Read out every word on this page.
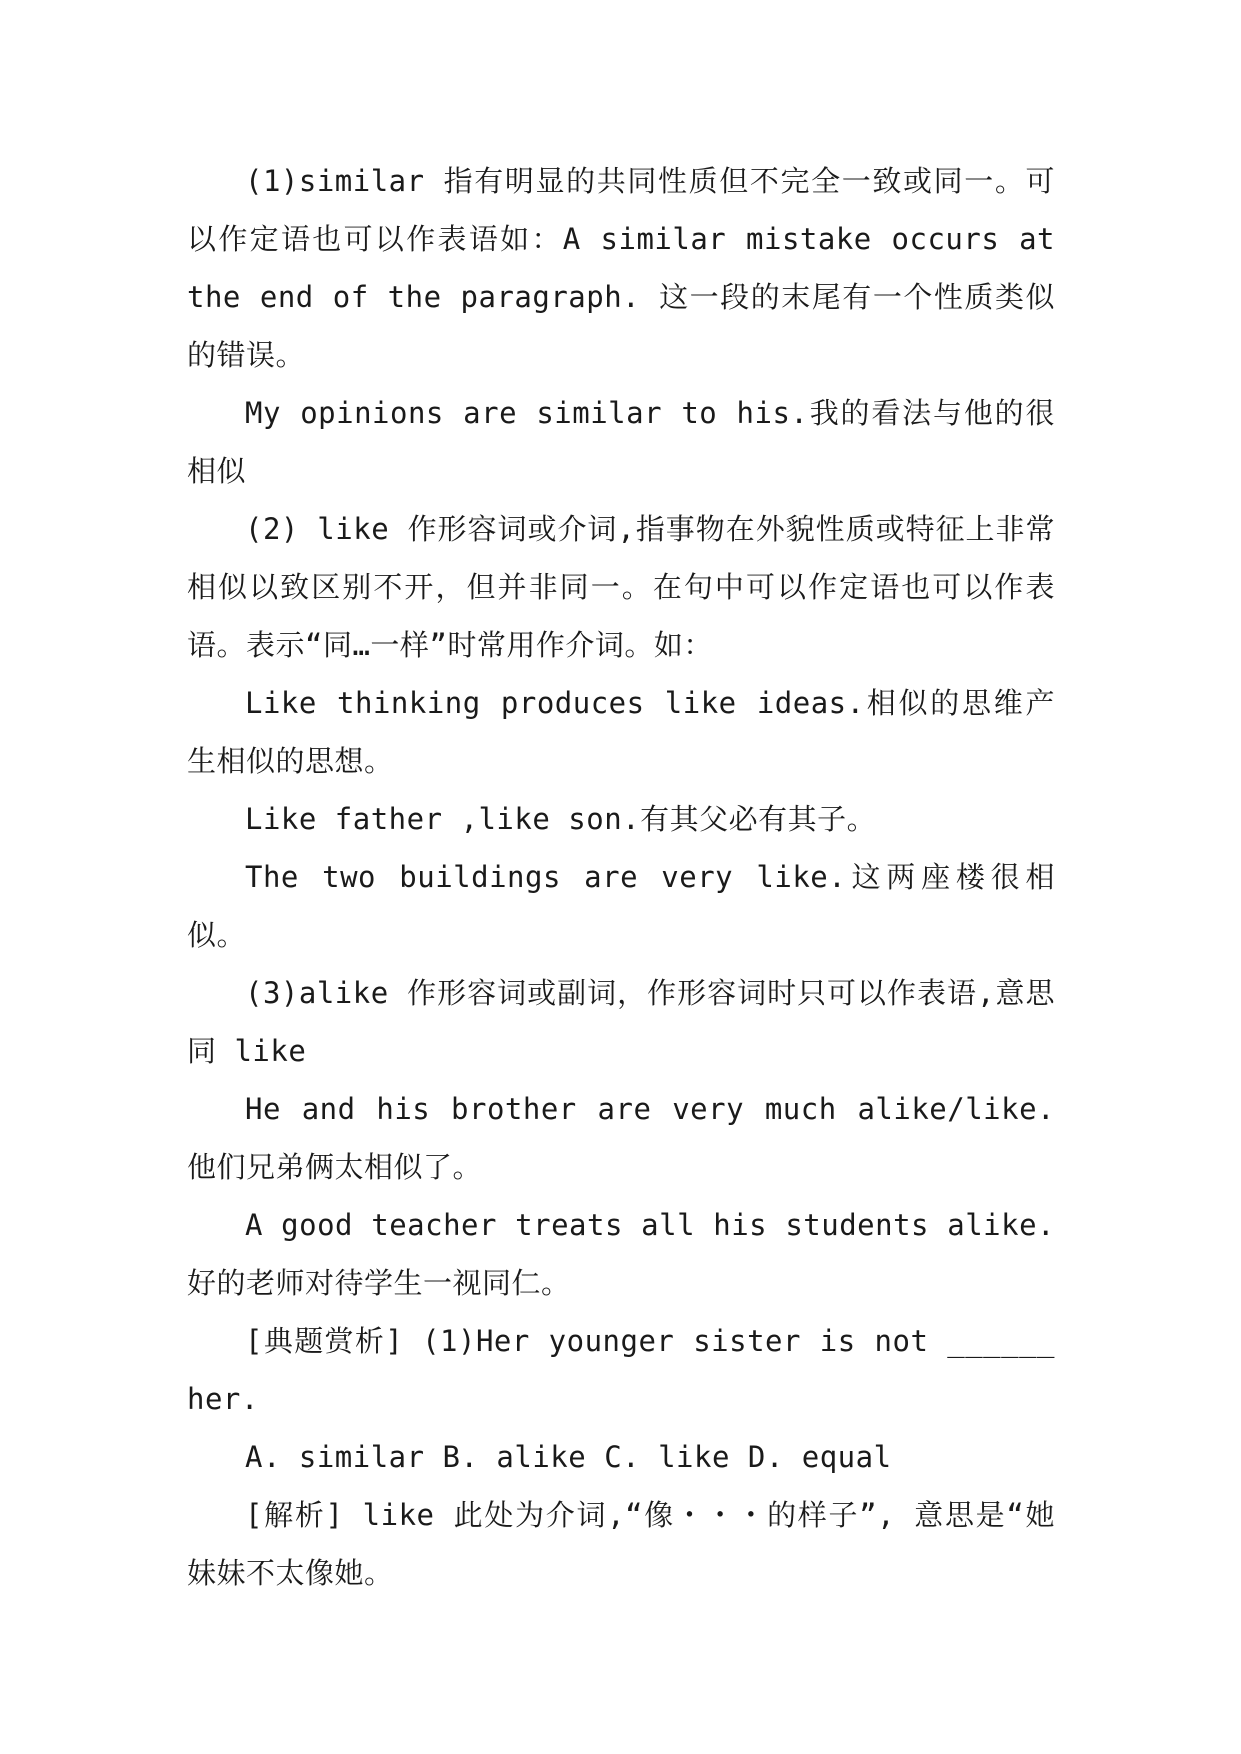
(1)similar 指有明显的共同性质但不完全一致或同一。可以作定语也可以作表语如：A similar mistake occurs at the end of the paragraph. 这一段的末尾有一个性质类似的错误。

My opinions are similar to his.我的看法与他的很相似

(2) like 作形容词或介词,指事物在外貌性质或特征上非常相似以致区别不开，但并非同一。在句中可以作定语也可以作表语。表示“同…一样”时常用作介词。如：

Like thinking produces like ideas.相似的思维产生相似的思想。

Like father ,like son.有其父必有其子。

The two buildings are very like.这两座楼很相似。

(3)alike 作形容词或副词，作形容词时只可以作表语,意思同 like

He and his brother are very much alike/like.他们兄弟俩太相似了。

A good teacher treats all his students alike.好的老师对待学生一视同仁。

[典题赏析] (1)Her younger sister is not ______ her.

A. similar B. alike C. like D. equal

[解析] like 此处为介词,“像・・・的样子”, 意思是“她妹妹不太像她。
